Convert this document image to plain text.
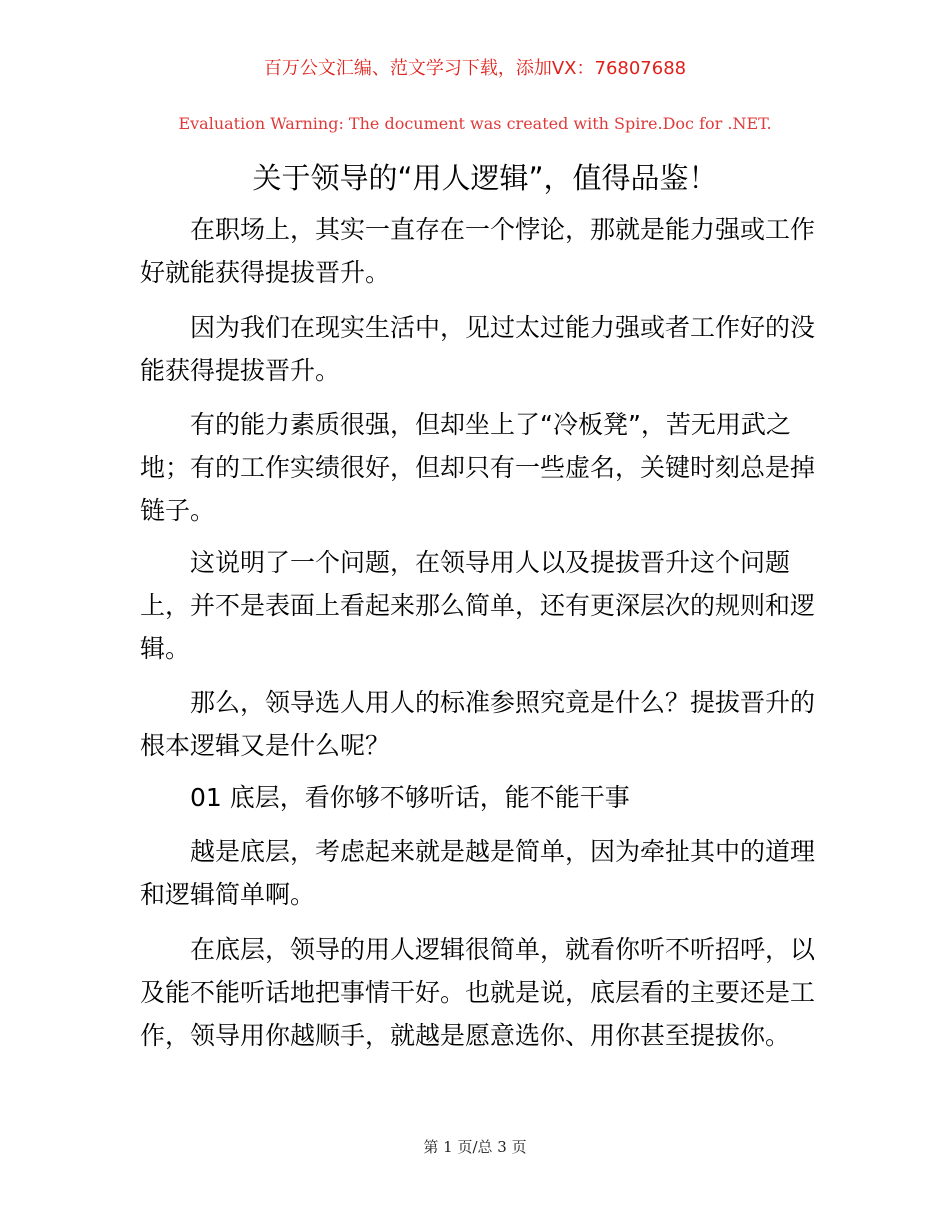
百万公文汇编、范文学习下载，添加VX：76807688
Evaluation Warning: The document was created with Spire.Doc for .NET.
关于领导的“用人逻辑”，值得品鉴！
在职场上，其实一直存在一个悖论，那就是能力强或工作
好就能获得提拔晋升。
因为我们在现实生活中，见过太过能力强或者工作好的没
能获得提拔晋升。
有的能力素质很强，但却坐上了“冷板凳”，苦无用武之
地；有的工作实绩很好，但却只有一些虚名，关键时刻总是掉
链子。
这说明了一个问题，在领导用人以及提拔晋升这个问题
上，并不是表面上看起来那么简单，还有更深层次的规则和逻
辑。
那么，领导选人用人的标准参照究竟是什么？提拔晋升的
根本逻辑又是什么呢？
01 底层，看你够不够听话，能不能干事
越是底层，考虑起来就是越是简单，因为牵扯其中的道理
和逻辑简单啊。
在底层，领导的用人逻辑很简单，就看你听不听招呼，以
及能不能听话地把事情干好。也就是说，底层看的主要还是工
作，领导用你越顺手，就越是愿意选你、用你甚至提拔你。
第 1 页/总 3 页
